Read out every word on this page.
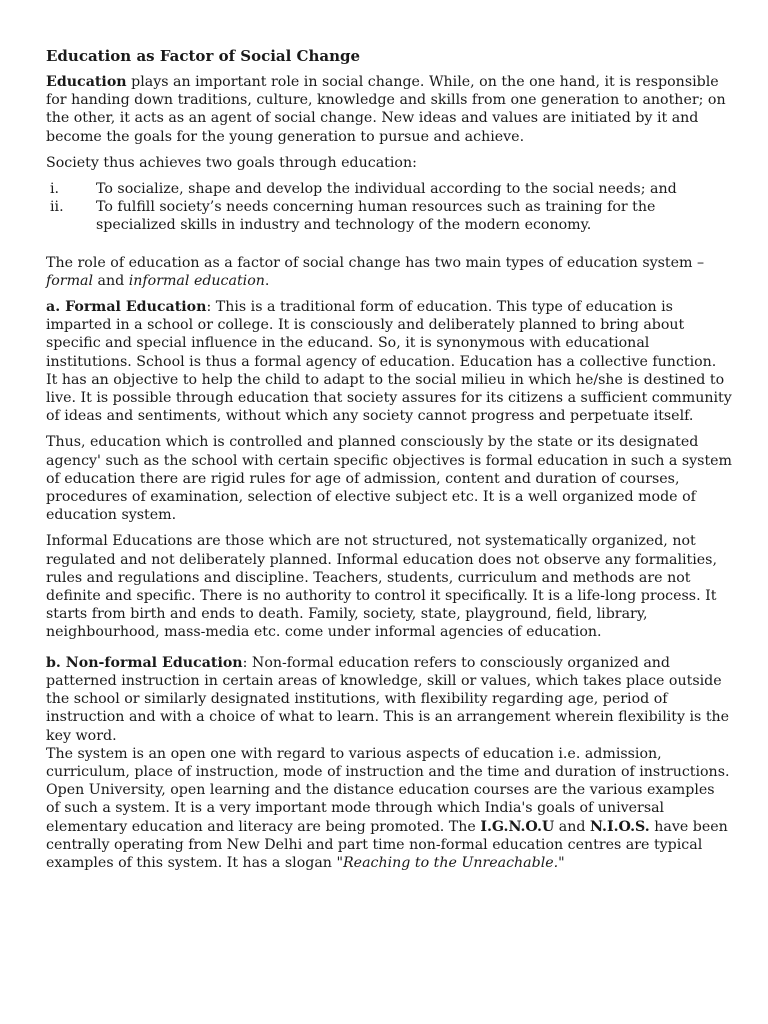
Education as Factor of Social Change

Education plays an important role in social change. While, on the one hand, it is responsible for handing down traditions, culture, knowledge and skills from one generation to another; on the other, it acts as an agent of social change. New ideas and values are initiated by it and become the goals for the young generation to pursue and achieve.

Society thus achieves two goals through education:

i.	To socialize, shape and develop the individual according to the social needs; and
ii. To fulfill society’s needs concerning human resources such as training for the specialized skills in industry and technology of the modern economy.

The role of education as a factor of social change has two main types of education system – formal and informal education.

a. Formal Education: This is a traditional form of education. This type of education is imparted in a school or college. It is consciously and deliberately planned to bring about specific and special influence in the educand. So, it is synonymous with educational institutions. School is thus a formal agency of education. Education has a collective function. It has an objective to help the child to adapt to the social milieu in which he/she is destined to live. It is possible through education that society assures for its citizens a sufficient community of ideas and sentiments, without which any society cannot progress and perpetuate itself.

Thus, education which is controlled and planned consciously by the state or its designated agency' such as the school with certain specific objectives is formal education in such a system of education there are rigid rules for age of admission, content and duration of courses, procedures of examination, selection of elective subject etc. It is a well organized mode of education system.

Informal Educations are those which are not structured, not systematically organized, not regulated and not deliberately planned. Informal education does not observe any formalities, rules and regulations and discipline. Teachers, students, curriculum and methods are not definite and specific. There is no authority to control it specifically. It is a life-long process. It starts from birth and ends to death. Family, society, state, playground, field, library, neighbourhood, mass-media etc. come under informal agencies of education.

b. Non-formal Education: Non-formal education refers to consciously organized and patterned instruction in certain areas of knowledge, skill or values, which takes place outside the school or similarly designated institutions, with flexibility regarding age, period of instruction and with a choice of what to learn. This is an arrangement wherein flexibility is the key word.

The system is an open one with regard to various aspects of education i.e. admission, curriculum, place of instruction, mode of instruction and the time and duration of instructions. Open University, open learning and the distance education courses are the various examples of such a system. It is a very important mode through which India's goals of universal elementary education and literacy are being promoted. The I.G.N.O.U and N.I.O.S. have been centrally operating from New Delhi and part time non-formal education centres are typical examples of this system. It has a slogan "Reaching to the Unreachable."
